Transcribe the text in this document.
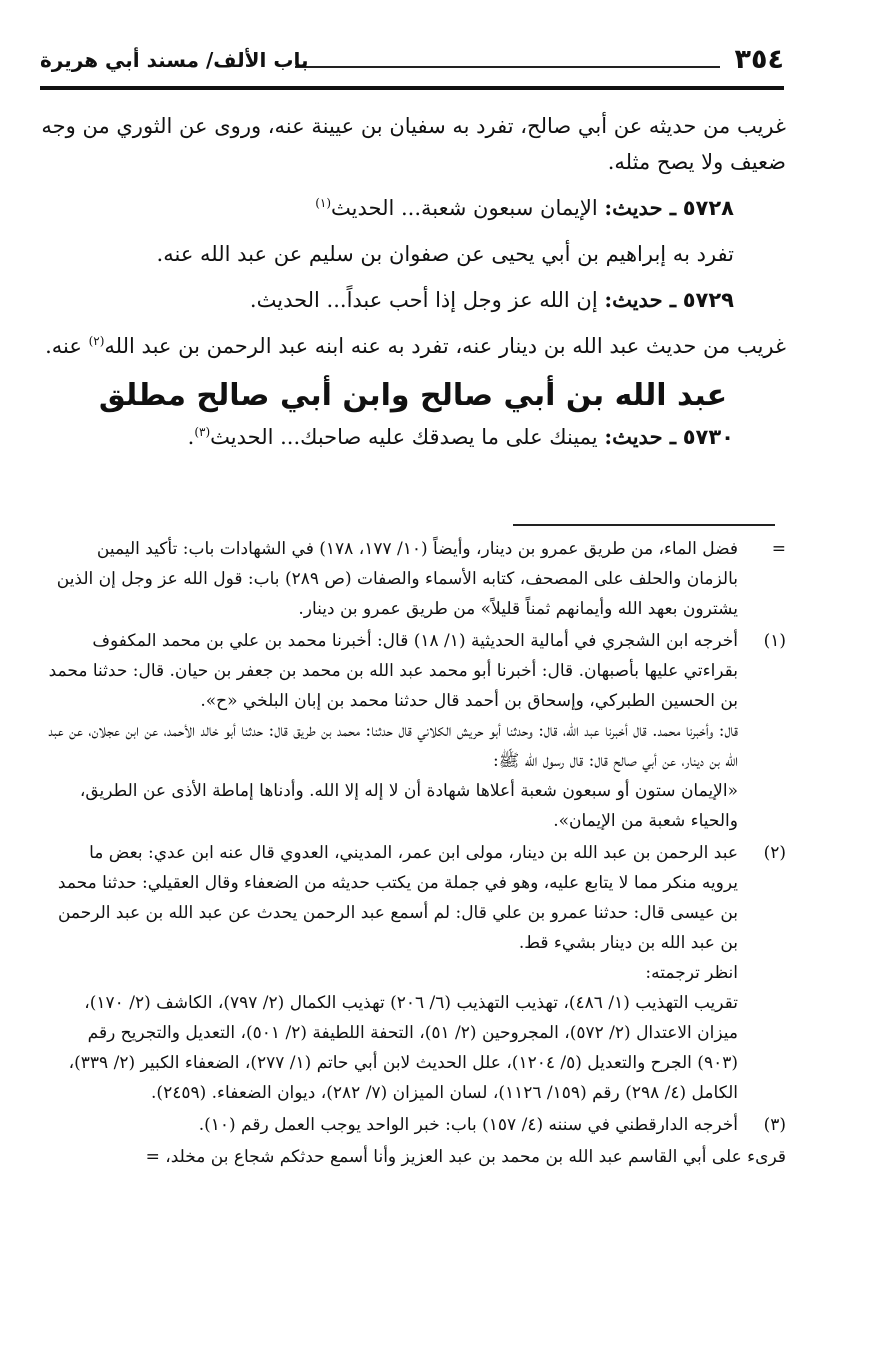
٣٥٤
باب الألف/ مسند أبي هريرة

غريب من حديثه عن أبي صالح، تفرد به سفيان بن عيينة عنه، وروى عن الثوري من وجه ضعيف ولا يصح مثله.

٥٧٢٨ ـ حديث: الإيمان سبعون شعبة... الحديث$^{(١)}$

تفرد به إبراهيم بن أبي يحيى عن صفوان بن سليم عن عبد الله عنه.

٥٧٢٩ ـ حديث: إن الله عز وجل إذا أحب عبداً... الحديث.

غريب من حديث عبد الله بن دينار عنه، تفرد به عنه ابنه عبد الرحمن بن عبد الله$^{(٢)}$ عنه.

عبد الله بن أبي صالح وابن أبي صالح مطلق

٥٧٣٠ ـ حديث: يمينك على ما يصدقك عليه صاحبك... الحديث$^{(٣)}$.

=

فضل الماء، من طريق عمرو بن دينار، وأيضاً (١٠/ ١٧٧، ١٧٨) في الشهادات باب: تأكيد اليمين بالزمان والحلف على المصحف، كتابه الأسماء والصفات (ص ٢٨٩) باب: قول الله عز وجل إن الذين يشترون بعهد الله وأيمانهم ثمناً قليلاً» من طريق عمرو بن دينار.

(١)

أخرجه ابن الشجري في أمالية الحديثية (١/ ١٨) قال: أخبرنا محمد بن علي بن محمد المكفوف بقراءتي عليها بأصبهان. قال: أخبرنا أبو محمد عبد الله بن محمد بن جعفر بن حيان. قال: حدثنا محمد بن الحسين الطبركي، وإسحاق بن أحمد قال حدثنا محمد بن إبان البلخي «ح».

قال: وأخبرنا محمد. قال أخبرنا عبد الله، قال: وحدثنا أبو حريش الكلاني قال حدثنا: محمد بن طريق قال: حدثنا أبو خالد الأحمد، عن ابن عجلان، عن عبد الله بن دينار، عن أبي صالح قال: قال رسول الله ﷺ:

«الإيمان ستون أو سبعون شعبة أعلاها شهادة أن لا إله إلا الله. وأدناها إماطة الأذى عن الطريق، والحياء شعبة من الإيمان».

(٢)

عبد الرحمن بن عبد الله بن دينار، مولى ابن عمر، المديني، العدوي قال عنه ابن عدي: بعض ما يرويه منكر مما لا يتابع عليه، وهو في جملة من يكتب حديثه من الضعفاء وقال العقيلي: حدثنا محمد بن عيسى قال: حدثنا عمرو بن علي قال: لم أسمع عبد الرحمن يحدث عن عبد الله بن عبد الرحمن بن عبد الله بن دينار بشيء قط.

انظر ترجمته:

تقريب التهذيب (١/ ٤٨٦)، تهذيب التهذيب (٦/ ٢٠٦) تهذيب الكمال (٢/ ٧٩٧)، الكاشف (٢/ ١٧٠)، ميزان الاعتدال (٢/ ٥٧٢)، المجروحين (٢/ ٥١)، التحفة اللطيفة (٢/ ٥٠١)، التعديل والتجريح رقم (٩٠٣) الجرح والتعديل (٥/ ١٢٠٤)، علل الحديث لابن أبي حاتم (١/ ٢٧٧)، الضعفاء الكبير (٢/ ٣٣٩)، الكامل (٤/ ٢٩٨) رقم (١٥٩/ ١١٢٦)، لسان الميزان (٧/ ٢٨٢)، ديوان الضعفاء. (٢٤٥٩).

(٣)

أخرجه الدارقطني في سننه (٤/ ١٥٧) باب: خبر الواحد يوجب العمل رقم (١٠).

قرىء على أبي القاسم عبد الله بن محمد بن عبد العزيز وأنا أسمع حدثكم شجاع بن مخلد، =
